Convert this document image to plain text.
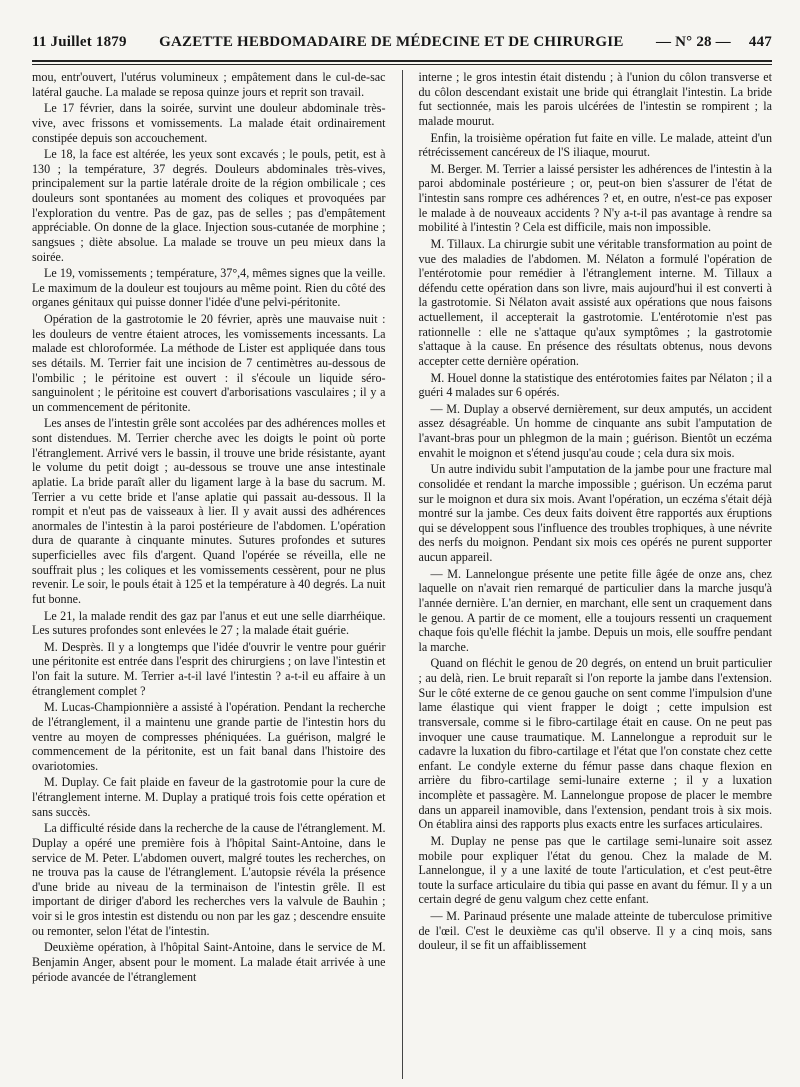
11 Juillet 1879 GAZETTE HEBDOMADAIRE DE MÉDECINE ET DE CHIRURGIE — N° 28 — 447

mou, entr'ouvert, l'utérus volumineux ; empâtement dans le cul-de-sac latéral gauche. La malade se reposa quinze jours et reprit son travail.

Le 17 février, dans la soirée, survint une douleur abdominale très-vive, avec frissons et vomissements. La malade était ordinairement constipée depuis son accouchement.

Le 18, la face est altérée, les yeux sont excavés ; le pouls, petit, est à 130 ; la température, 37 degrés. Douleurs abdominales très-vives, principalement sur la partie latérale droite de la région ombilicale ; ces douleurs sont spontanées au moment des coliques et provoquées par l'exploration du ventre. Pas de gaz, pas de selles ; pas d'empâtement appréciable. On donne de la glace. Injection sous-cutanée de morphine ; sangsues ; diète absolue. La malade se trouve un peu mieux dans la soirée.

Le 19, vomissements ; température, 37°,4, mêmes signes que la veille. Le maximum de la douleur est toujours au même point. Rien du côté des organes génitaux qui puisse donner l'idée d'une pelvi-péritonite.

Opération de la gastrotomie le 20 février, après une mauvaise nuit : les douleurs de ventre étaient atroces, les vomissements incessants. La malade est chloroformée. La méthode de Lister est appliquée dans tous ses détails. M. Terrier fait une incision de 7 centimètres au-dessous de l'ombilic ; le péritoine est ouvert : il s'écoule un liquide séro-sanguinolent ; le péritoine est couvert d'arborisations vasculaires ; il y a un commencement de péritonite.

Les anses de l'intestin grêle sont accolées par des adhérences molles et sont distendues. M. Terrier cherche avec les doigts le point où porte l'étranglement. Arrivé vers le bassin, il trouve une bride résistante, ayant le volume du petit doigt ; au-dessous se trouve une anse intestinale aplatie. La bride paraît aller du ligament large à la base du sacrum. M. Terrier a vu cette bride et l'anse aplatie qui passait au-dessous. Il la rompit et n'eut pas de vaisseaux à lier. Il y avait aussi des adhérences anormales de l'intestin à la paroi postérieure de l'abdomen. L'opération dura de quarante à cinquante minutes. Sutures profondes et sutures superficielles avec fils d'argent. Quand l'opérée se réveilla, elle ne souffrait plus ; les coliques et les vomissements cessèrent, pour ne plus revenir. Le soir, le pouls était à 125 et la température à 40 degrés. La nuit fut bonne.

Le 21, la malade rendit des gaz par l'anus et eut une selle diarrhéique. Les sutures profondes sont enlevées le 27 ; la malade était guérie.

M. Desprès. Il y a longtemps que l'idée d'ouvrir le ventre pour guérir une péritonite est entrée dans l'esprit des chirurgiens ; on lave l'intestin et l'on fait la suture. M. Terrier a-t-il lavé l'intestin ? a-t-il eu affaire à un étranglement complet ?

M. Lucas-Championnière a assisté à l'opération. Pendant la recherche de l'étranglement, il a maintenu une grande partie de l'intestin hors du ventre au moyen de compresses phéniquées. La guérison, malgré le commencement de la péritonite, est un fait banal dans l'histoire des ovariotomies.

M. Duplay. Ce fait plaide en faveur de la gastrotomie pour la cure de l'étranglement interne. M. Duplay a pratiqué trois fois cette opération et sans succès.

La difficulté réside dans la recherche de la cause de l'étranglement. M. Duplay a opéré une première fois à l'hôpital Saint-Antoine, dans le service de M. Peter. L'abdomen ouvert, malgré toutes les recherches, on ne trouva pas la cause de l'étranglement. L'autopsie révéla la présence d'une bride au niveau de la terminaison de l'intestin grêle. Il est important de diriger d'abord les recherches vers la valvule de Bauhin ; voir si le gros intestin est distendu ou non par les gaz ; descendre ensuite ou remonter, selon l'état de l'intestin.

Deuxième opération, à l'hôpital Saint-Antoine, dans le service de M. Benjamin Anger, absent pour le moment. La malade était arrivée à une période avancée de l'étranglement

interne ; le gros intestin était distendu ; à l'union du côlon transverse et du côlon descendant existait une bride qui étranglait l'intestin. La bride fut sectionnée, mais les parois ulcérées de l'intestin se rompirent ; la malade mourut.

Enfin, la troisième opération fut faite en ville. Le malade, atteint d'un rétrécissement cancéreux de l'S iliaque, mourut.

M. Berger. M. Terrier a laissé persister les adhérences de l'intestin à la paroi abdominale postérieure ; or, peut-on bien s'assurer de l'état de l'intestin sans rompre ces adhérences ? et, en outre, n'est-ce pas exposer le malade à de nouveaux accidents ? N'y a-t-il pas avantage à rendre sa mobilité à l'intestin ? Cela est difficile, mais non impossible.

M. Tillaux. La chirurgie subit une véritable transformation au point de vue des maladies de l'abdomen. M. Nélaton a formulé l'opération de l'entérotomie pour remédier à l'étranglement interne. M. Tillaux a défendu cette opération dans son livre, mais aujourd'hui il est converti à la gastrotomie. Si Nélaton avait assisté aux opérations que nous faisons actuellement, il accepterait la gastrotomie. L'entérotomie n'est pas rationnelle : elle ne s'attaque qu'aux symptômes ; la gastrotomie s'attaque à la cause. En présence des résultats obtenus, nous devons accepter cette dernière opération.

M. Houel donne la statistique des entérotomies faites par Nélaton ; il a guéri 4 malades sur 6 opérés.

— M. Duplay a observé dernièrement, sur deux amputés, un accident assez désagréable. Un homme de cinquante ans subit l'amputation de l'avant-bras pour un phlegmon de la main ; guérison. Bientôt un eczéma envahit le moignon et s'étend jusqu'au coude ; cela dura six mois.

Un autre individu subit l'amputation de la jambe pour une fracture mal consolidée et rendant la marche impossible ; guérison. Un eczéma parut sur le moignon et dura six mois. Avant l'opération, un eczéma s'était déjà montré sur la jambe. Ces deux faits doivent être rapportés aux éruptions qui se développent sous l'influence des troubles trophiques, à une névrite des nerfs du moignon. Pendant six mois ces opérés ne purent supporter aucun appareil.

— M. Lannelongue présente une petite fille âgée de onze ans, chez laquelle on n'avait rien remarqué de particulier dans la marche jusqu'à l'année dernière. L'an dernier, en marchant, elle sent un craquement dans le genou. A partir de ce moment, elle a toujours ressenti un craquement chaque fois qu'elle fléchit la jambe. Depuis un mois, elle souffre pendant la marche.

Quand on fléchit le genou de 20 degrés, on entend un bruit particulier ; au delà, rien. Le bruit reparaît si l'on reporte la jambe dans l'extension. Sur le côté externe de ce genou gauche on sent comme l'impulsion d'une lame élastique qui vient frapper le doigt ; cette impulsion est transversale, comme si le fibro-cartilage était en cause. On ne peut pas invoquer une cause traumatique. M. Lannelongue a reproduit sur le cadavre la luxation du fibro-cartilage et l'état que l'on constate chez cette enfant. Le condyle externe du fémur passe dans chaque flexion en arrière du fibro-cartilage semi-lunaire externe ; il y a luxation incomplète et passagère. M. Lannelongue propose de placer le membre dans un appareil inamovible, dans l'extension, pendant trois à six mois. On établira ainsi des rapports plus exacts entre les surfaces articulaires.

M. Duplay ne pense pas que le cartilage semi-lunaire soit assez mobile pour expliquer l'état du genou. Chez la malade de M. Lannelongue, il y a une laxité de toute l'articulation, et c'est peut-être toute la surface articulaire du tibia qui passe en avant du fémur. Il y a un certain degré de genu valgum chez cette enfant.

— M. Parinaud présente une malade atteinte de tuberculose primitive de l'œil. C'est le deuxième cas qu'il observe. Il y a cinq mois, sans douleur, il se fit un affaiblissement
